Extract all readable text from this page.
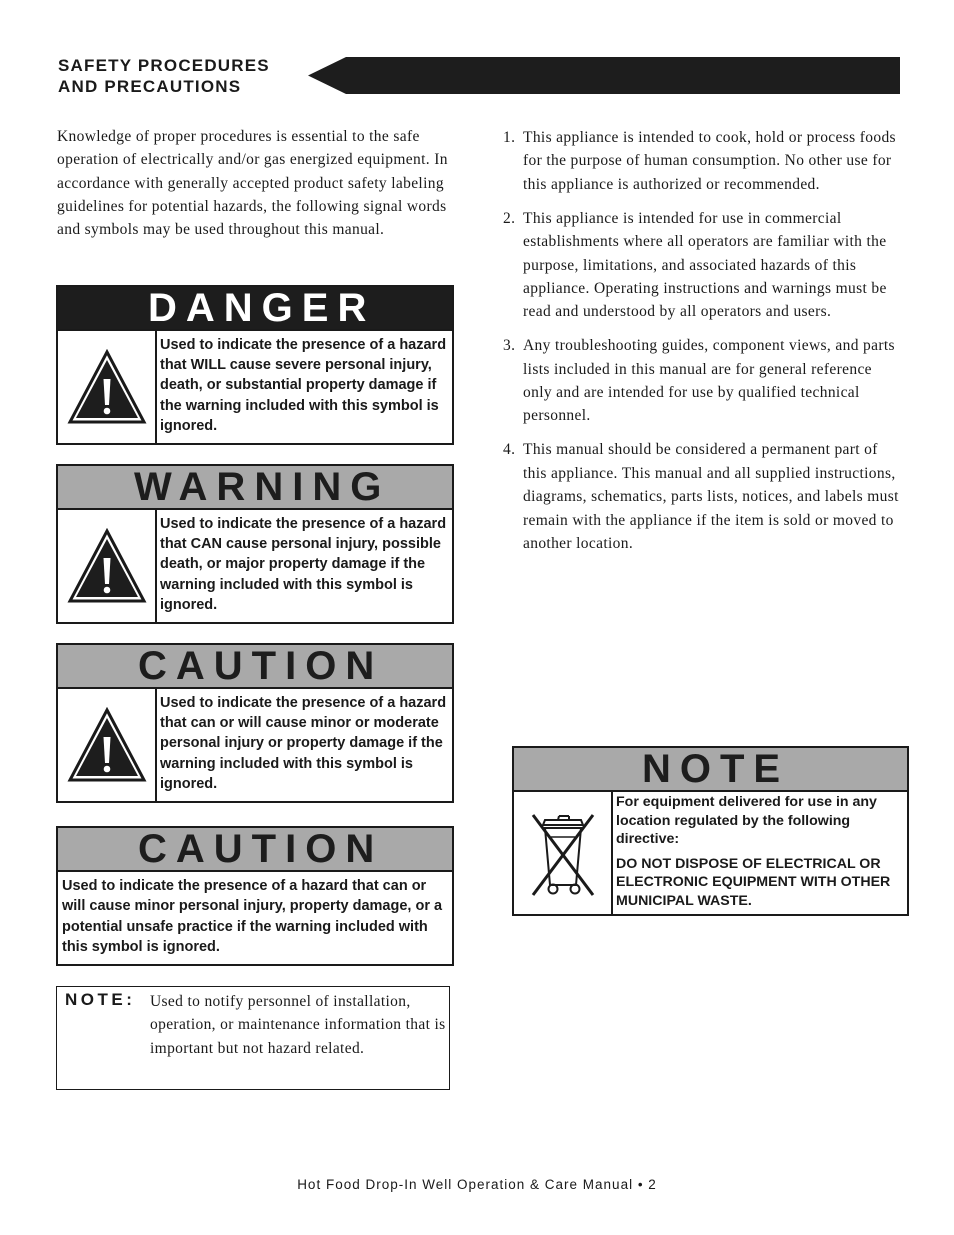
SAFETY PROCEDURES
AND PRECAUTIONS
Knowledge of proper procedures is essential to the safe operation of electrically and/or gas energized equipment. In accordance with generally accepted product safety labeling guidelines for potential hazards, the following signal words and symbols may be used throughout this manual.
DANGER
Used to indicate the presence of a hazard that WILL cause severe personal injury, death, or substantial property damage if the warning included with this symbol is ignored.
WARNING
Used to indicate the presence of a hazard that CAN cause personal injury, possible death, or major property damage if the warning included with this symbol is ignored.
CAUTION
Used to indicate the presence of a hazard that can or will cause minor or moderate personal injury or property damage if the warning included with this symbol is ignored.
CAUTION
Used to indicate the presence of a hazard that can or will cause minor personal injury, property damage, or a potential unsafe practice if the warning included with this symbol is ignored.
NOTE: Used to notify personnel of installation, operation, or maintenance information that is important but not hazard related.
1. This appliance is intended to cook, hold or process foods for the purpose of human consumption. No other use for this appliance is authorized or recommended.
2. This appliance is intended for use in commercial establishments where all operators are familiar with the purpose, limitations, and associated hazards of this appliance. Operating instructions and warnings must be read and understood by all operators and users.
3. Any troubleshooting guides, component views, and parts lists included in this manual are for general reference only and are intended for use by qualified technical personnel.
4. This manual should be considered a permanent part of this appliance. This manual and all supplied instructions, diagrams, schematics, parts lists, notices, and labels must remain with the appliance if the item is sold or moved to another location.
NOTE

For equipment delivered for use in any location regulated by the following directive:

DO NOT DISPOSE OF ELECTRICAL OR ELECTRONIC EQUIPMENT WITH OTHER MUNICIPAL WASTE.

Hot Food Drop-In Well Operation & Care Manual • 2
